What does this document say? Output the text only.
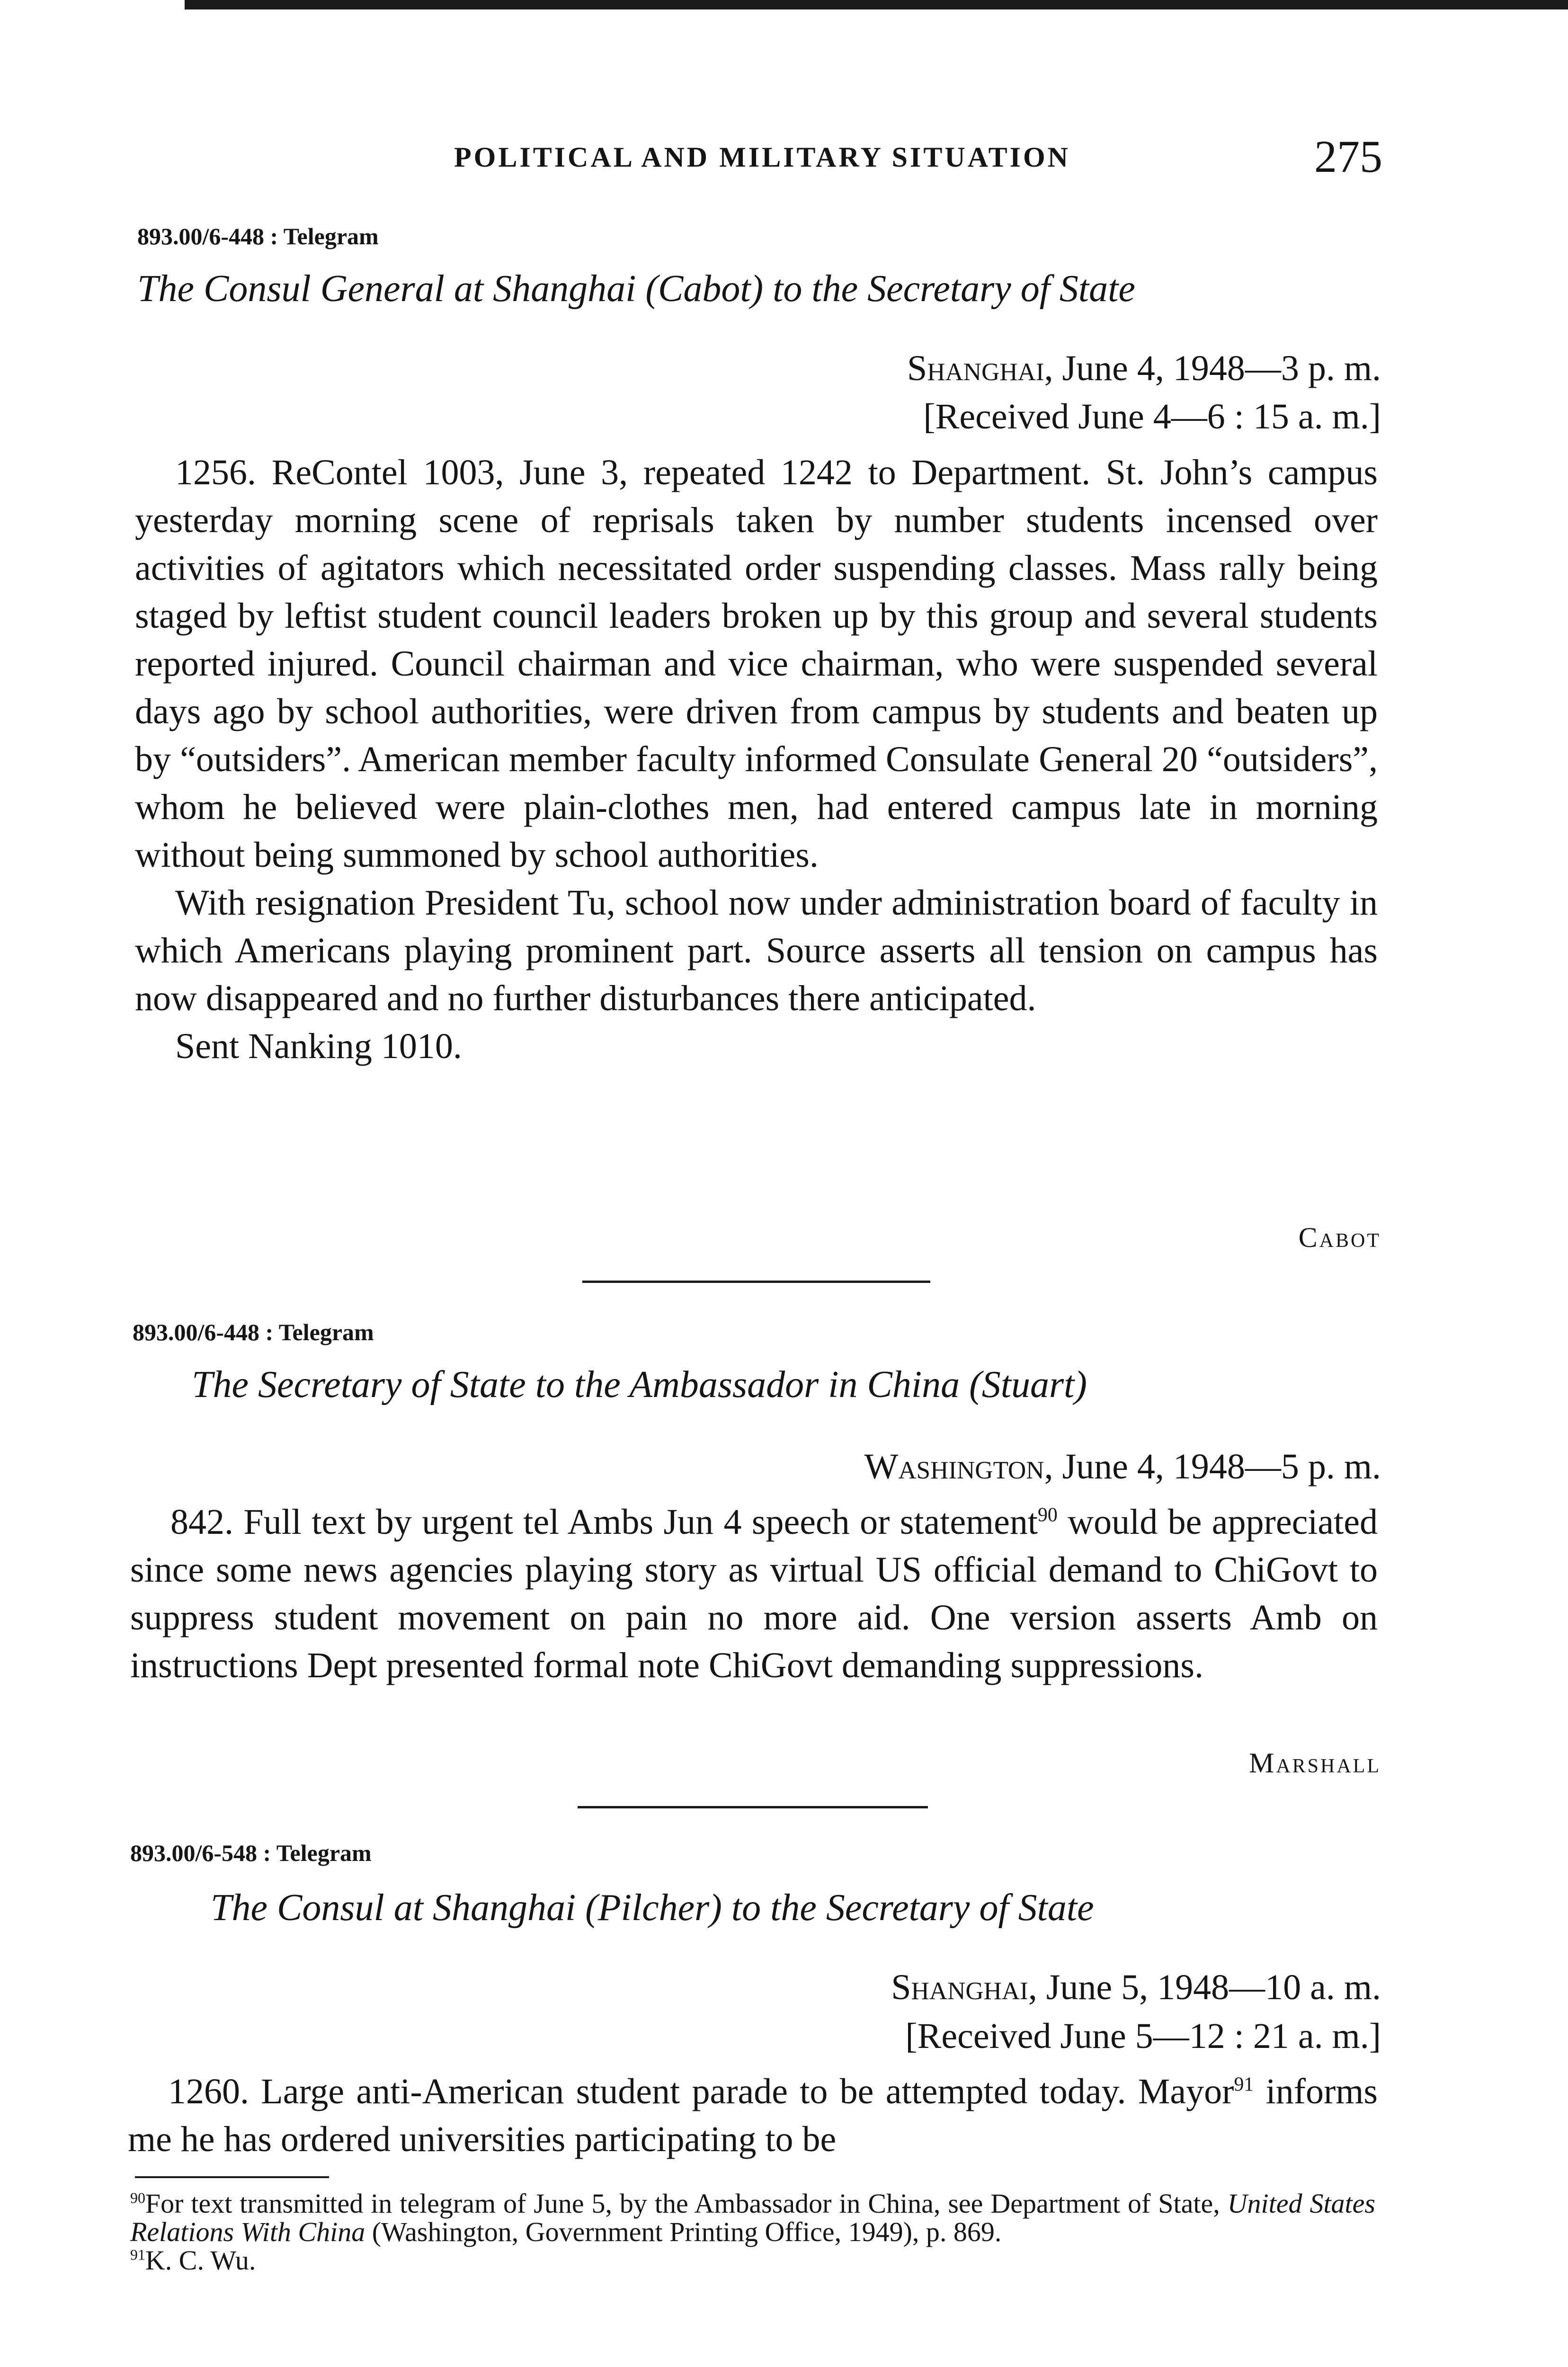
POLITICAL AND MILITARY SITUATION	275
893.00/6-448 : Telegram
The Consul General at Shanghai (Cabot) to the Secretary of State
Shanghai, June 4, 1948—3 p. m.
[Received June 4—6 : 15 a. m.]

1256. ReContel 1003, June 3, repeated 1242 to Department. St. John’s campus yesterday morning scene of reprisals taken by number students incensed over activities of agitators which necessitated order suspending classes. Mass rally being staged by leftist student council leaders broken up by this group and several students reported injured. Council chairman and vice chairman, who were suspended several days ago by school authorities, were driven from campus by students and beaten up by “outsiders”. American member faculty informed Consulate General 20 “outsiders”, whom he believed were plain-clothes men, had entered campus late in morning without being summoned by school authorities.

With resignation President Tu, school now under administration board of faculty in which Americans playing prominent part. Source asserts all tension on campus has now disappeared and no further disturbances there anticipated.

Sent Nanking 1010.

Cabot
893.00/6-448 : Telegram
The Secretary of State to the Ambassador in China (Stuart)
Washington, June 4, 1948—5 p. m.

842. Full text by urgent tel Ambs Jun 4 speech or statement$^{90}$ would be appreciated since some news agencies playing story as virtual US official demand to ChiGovt to suppress student movement on pain no more aid. One version asserts Amb on instructions Dept presented formal note ChiGovt demanding suppressions.

Marshall
893.00/6-548 : Telegram
The Consul at Shanghai (Pilcher) to the Secretary of State
Shanghai, June 5, 1948—10 a. m.
[Received June 5—12 : 21 a. m.]

1260. Large anti-American student parade to be attempted today. Mayor$^{91}$ informs me he has ordered universities participating to be

$^{90}$For text transmitted in telegram of June 5, by the Ambassador in China, see Department of State, United States Relations With China (Washington, Government Printing Office, 1949), p. 869.

$^{91}$K. C. Wu.
